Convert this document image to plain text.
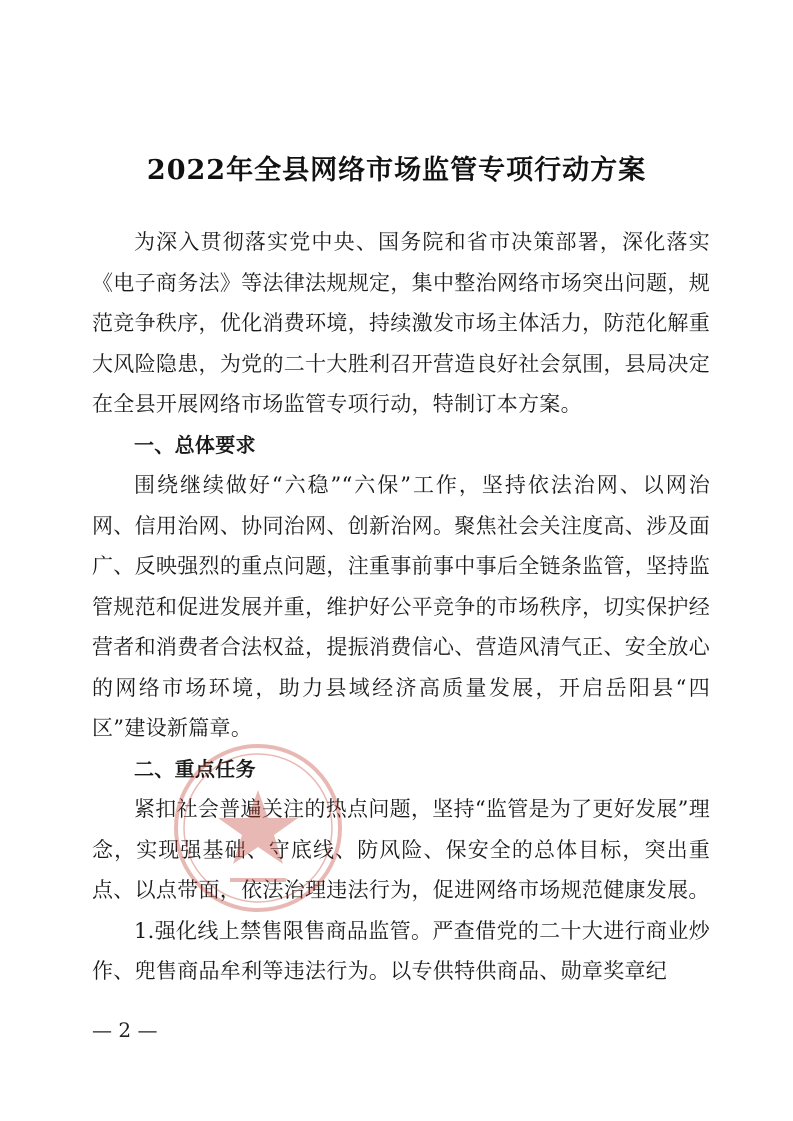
2022年全县网络市场监管专项行动方案

为深入贯彻落实党中央、国务院和省市决策部署，深化落实《电子商务法》等法律法规规定，集中整治网络市场突出问题，规范竞争秩序，优化消费环境，持续激发市场主体活力，防范化解重大风险隐患，为党的二十大胜利召开营造良好社会氛围，县局决定在全县开展网络市场监管专项行动，特制订本方案。

一、总体要求

围绕继续做好“六稳”“六保”工作，坚持依法治网、以网治网、信用治网、协同治网、创新治网。聚焦社会关注度高、涉及面广、反映强烈的重点问题，注重事前事中事后全链条监管，坚持监管规范和促进发展并重，维护好公平竞争的市场秩序，切实保护经营者和消费者合法权益，提振消费信心、营造风清气正、安全放心的网络市场环境，助力县域经济高质量发展，开启岳阳县“四区”建设新篇章。

二、重点任务

紧扣社会普遍关注的热点问题，坚持“监管是为了更好发展”理念，实现强基础、守底线、防风险、保安全的总体目标，突出重点、以点带面，依法治理违法行为，促进网络市场规范健康发展。

1.强化线上禁售限售商品监管。严查借党的二十大进行商业炒作、兜售商品牟利等违法行为。以专供特供商品、勋章奖章纪

— 2 —
